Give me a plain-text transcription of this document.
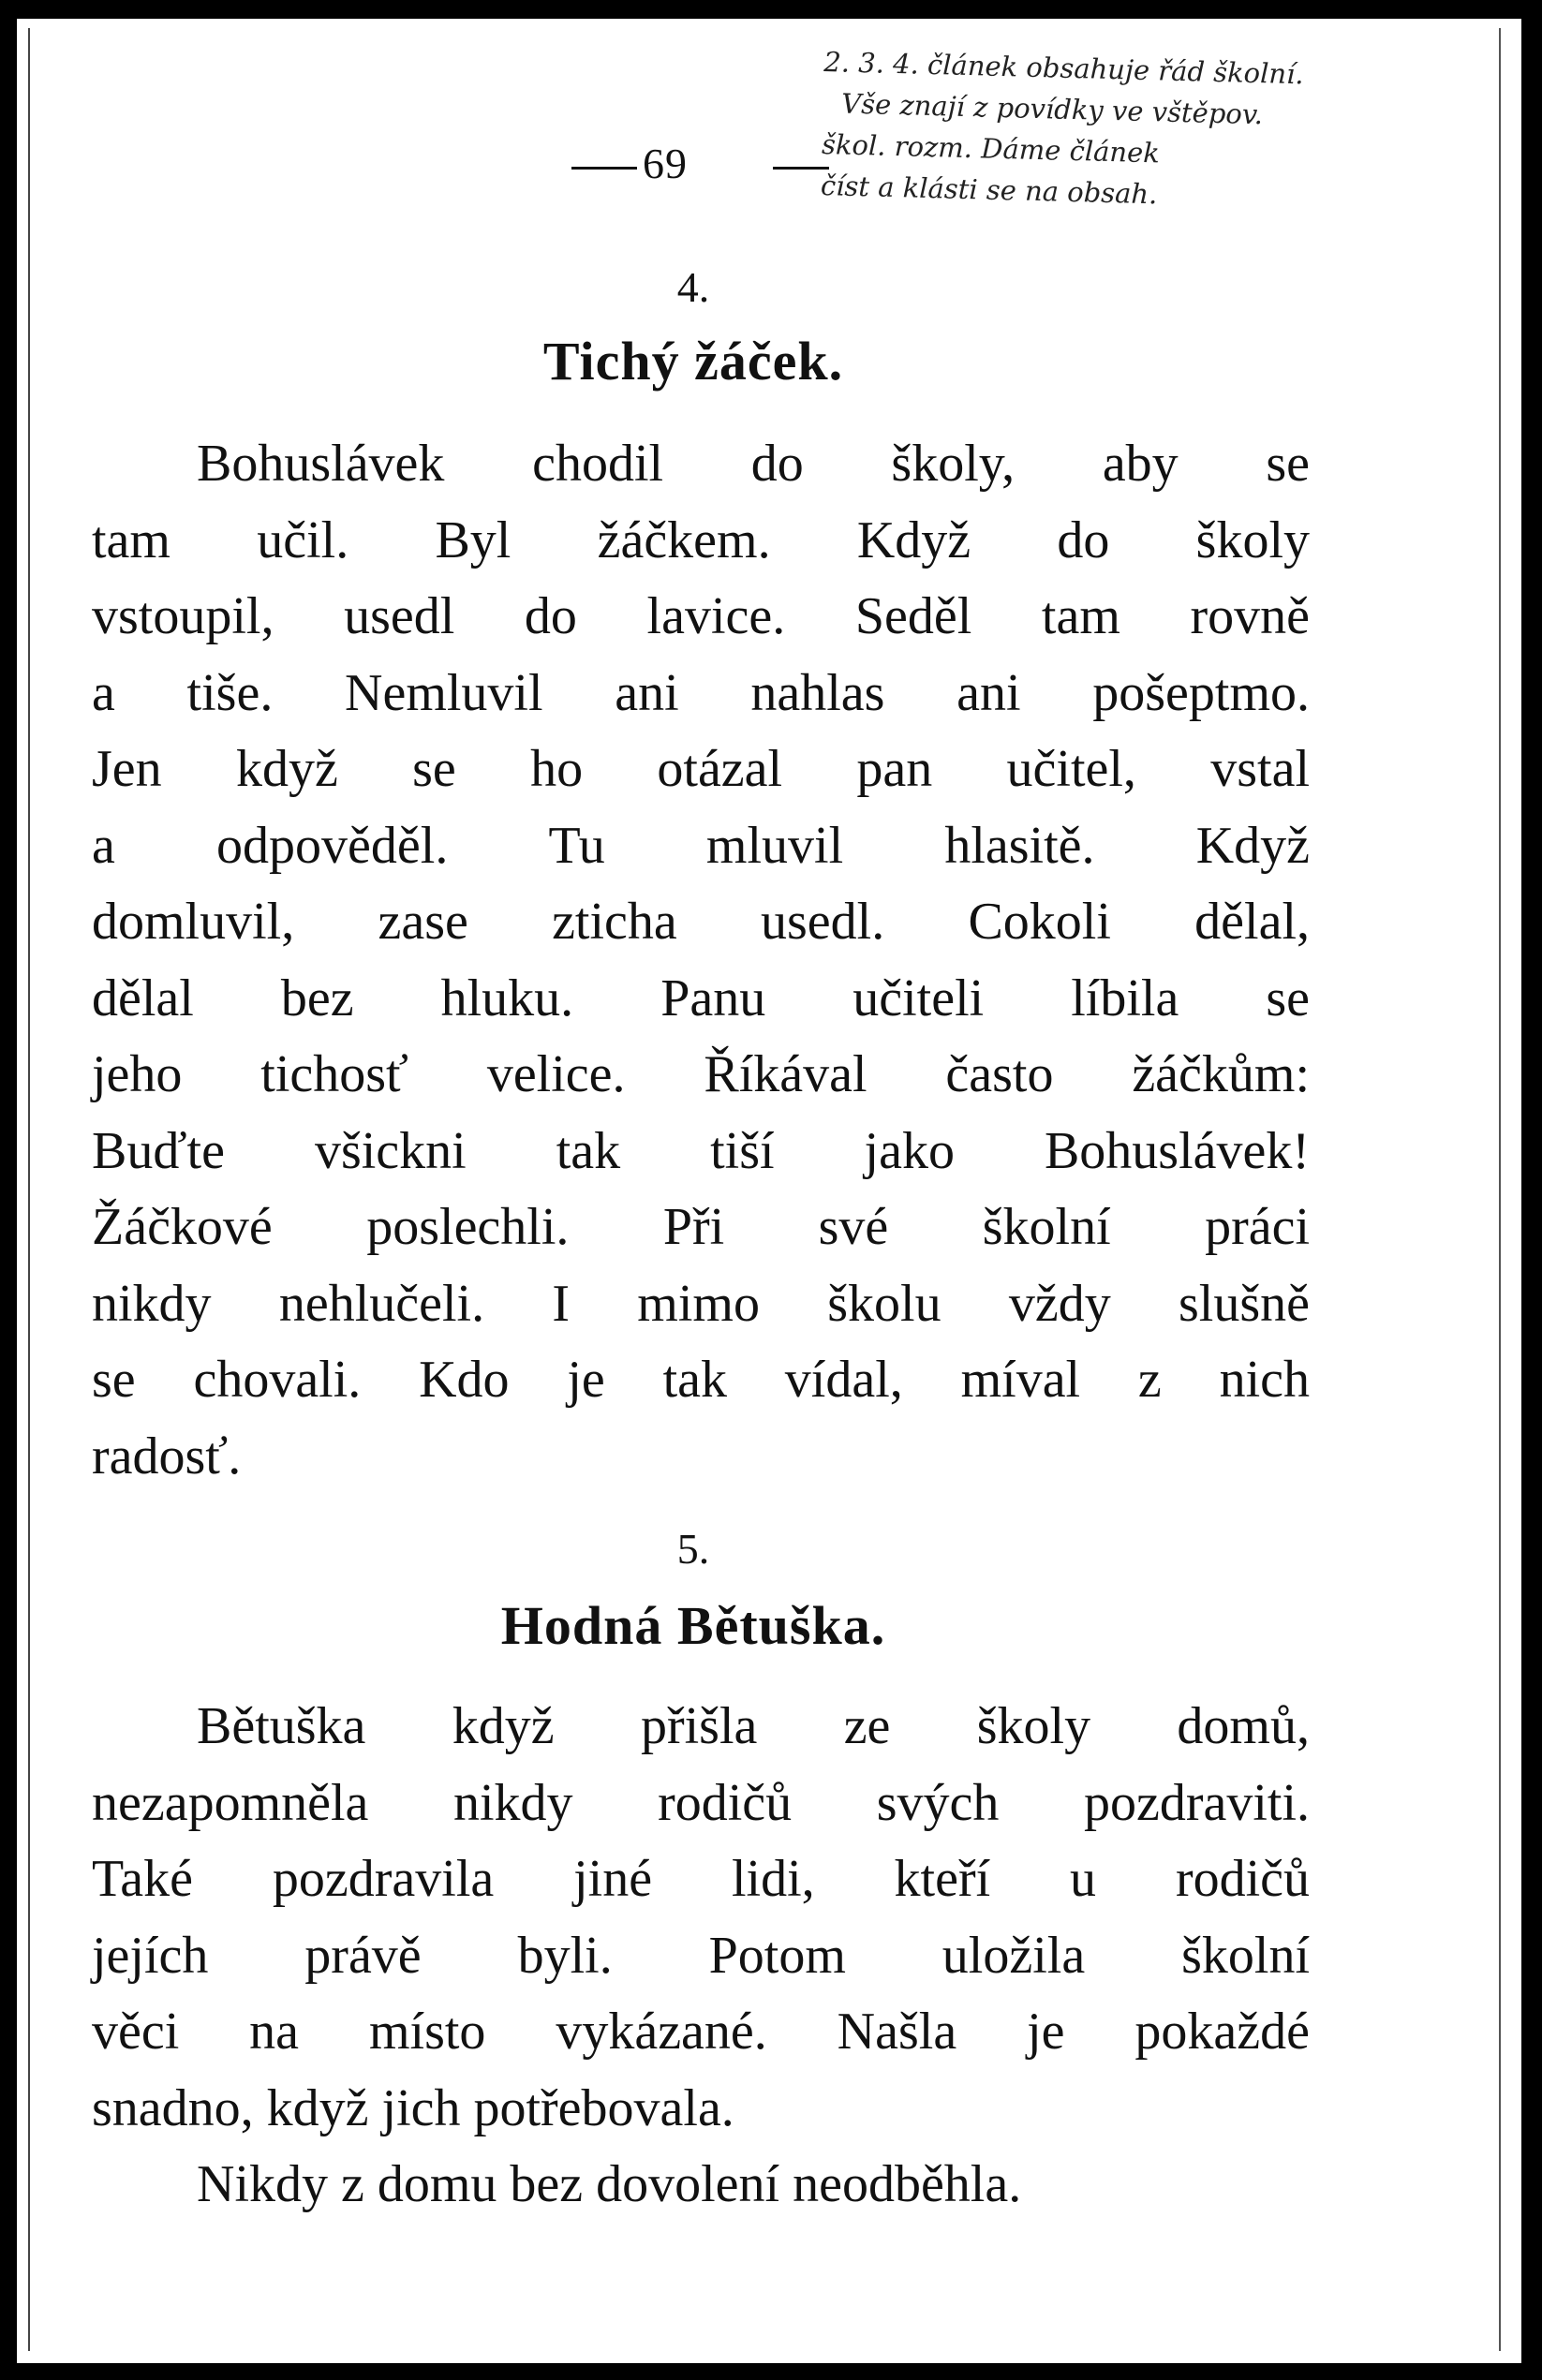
69
2. 3. 4. článek obsahuje řád školní.
Vše znají z povídky ve vštěpov.
škol. rozm. Dáme článek
číst a klásti se na obsah.
4.
Tichý žáček.
Bohuslávek chodil do školy, aby se
tam učil. Byl žáčkem. Když do školy
vstoupil, usedl do lavice. Seděl tam rovně
a tiše. Nemluvil ani nahlas ani pošeptmo.
Jen když se ho otázal pan učitel, vstal
a odpověděl. Tu mluvil hlasitě. Když
domluvil, zase zticha usedl. Cokoli dělal,
dělal bez hluku. Panu učiteli líbila se
jeho tichosť velice. Říkával často žáčkům:
Buďte všickni tak tiší jako Bohuslávek!
Žáčkové poslechli. Při své školní práci
nikdy nehlučeli. I mimo školu vždy slušně
se chovali. Kdo je tak vídal, míval z nich
radosť.
5.
Hodná Bětuška.
Bětuška když přišla ze školy domů,
nezapomněla nikdy rodičů svých pozdraviti.
Také pozdravila jiné lidi, kteří u rodičů
jejích právě byli. Potom uložila školní
věci na místo vykázané. Našla je pokaždé
snadno, když jich potřebovala.
Nikdy z domu bez dovolení neodběhla.
